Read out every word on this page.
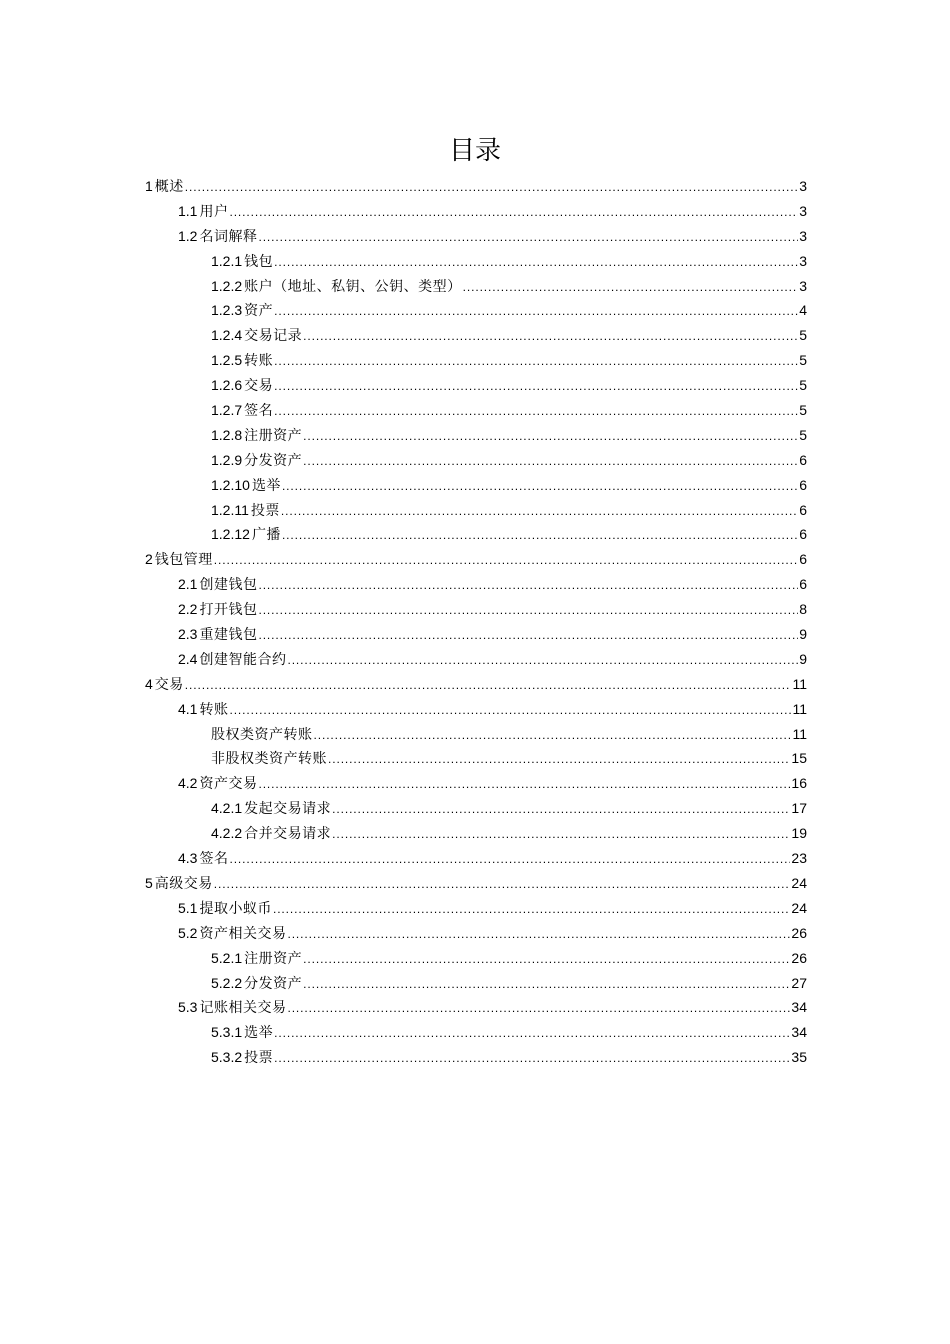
目录
1 概述 .....	3
1.1 用户 .....	3
1.2 名词解释 .....	3
1.2.1 钱包 .....	3
1.2.2 账户（地址、私钥、公钥、类型） .....	3
1.2.3 资产 .....	4
1.2.4 交易记录 .....	5
1.2.5 转账 .....	5
1.2.6 交易 .....	5
1.2.7 签名 .....	5
1.2.8 注册资产 .....	5
1.2.9 分发资产 .....	6
1.2.10 选举 .....	6
1.2.11 投票 .....	6
1.2.12 广播 .....	6
2 钱包管理 .....	6
2.1 创建钱包 .....	6
2.2 打开钱包 .....	8
2.3 重建钱包 .....	9
2.4 创建智能合约 .....	9
4 交易 .....	11
4.1 转账 .....	11
股权类资产转账 .....	11
非股权类资产转账 .....	15
4.2 资产交易 .....	16
4.2.1 发起交易请求 .....	17
4.2.2 合并交易请求 .....	19
4.3 签名 .....	23
5 高级交易 .....	24
5.1 提取小蚁币 .....	24
5.2 资产相关交易 .....	26
5.2.1 注册资产 .....	26
5.2.2 分发资产 .....	27
5.3 记账相关交易 .....	34
5.3.1 选举 .....	34
5.3.2 投票 .....	35
